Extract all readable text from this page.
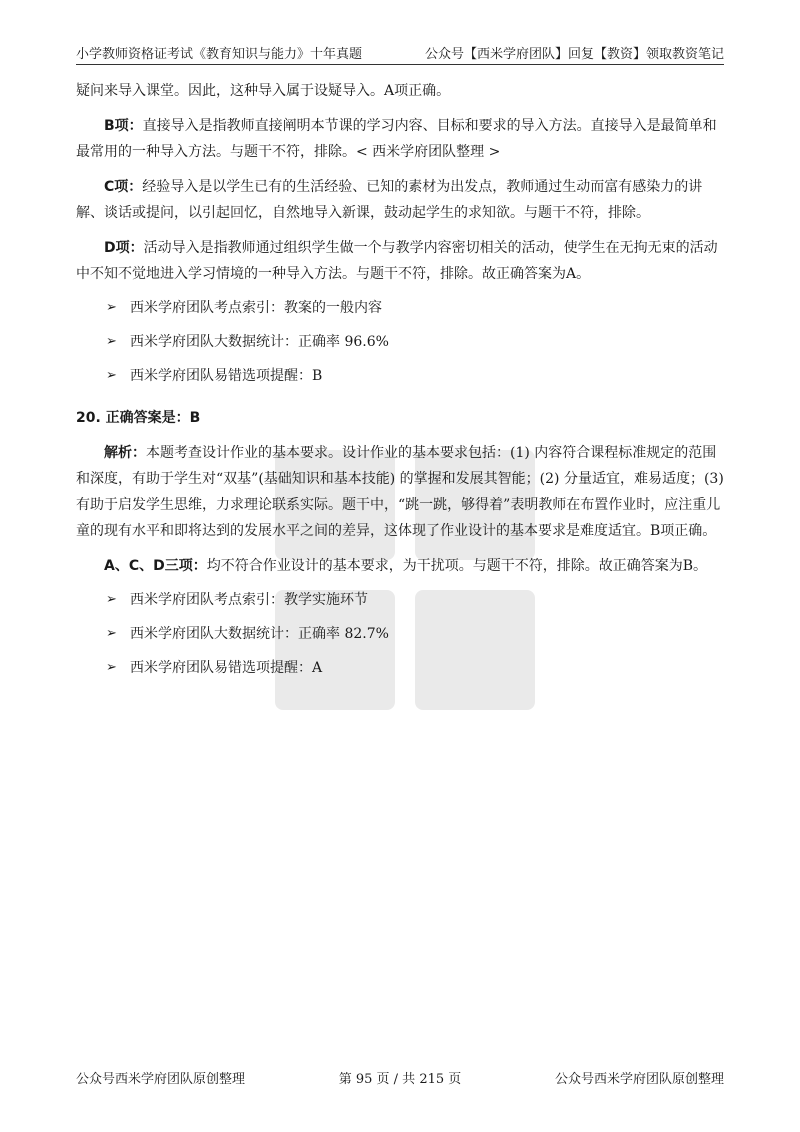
小学教师资格证考试《教育知识与能力》十年真题	公众号【西米学府团队】回复【教资】领取教资笔记

疑问来导入课堂。因此，这种导入属于设疑导入。A项正确。

B项：直接导入是指教师直接阐明本节课的学习内容、目标和要求的导入方法。直接导入是最简单和最常用的一种导入方法。与题干不符，排除。< 西米学府团队整理 >

C项：经验导入是以学生已有的生活经验、已知的素材为出发点，教师通过生动而富有感染力的讲解、谈话或提问，以引起回忆，自然地导入新课，鼓动起学生的求知欲。与题干不符，排除。

D项：活动导入是指教师通过组织学生做一个与教学内容密切相关的活动，使学生在无拘无束的活动中不知不觉地进入学习情境的一种导入方法。与题干不符，排除。故正确答案为A。

➢ 西米学府团队考点索引：教案的一般内容
➢ 西米学府团队大数据统计：正确率 96.6%
➢ 西米学府团队易错选项提醒：B

20. 正确答案是：B

解析：本题考查设计作业的基本要求。设计作业的基本要求包括：(1) 内容符合课程标准规定的范围和深度，有助于学生对“双基”(基础知识和基本技能) 的掌握和发展其智能；(2) 分量适宜，难易适度；(3) 有助于启发学生思维，力求理论联系实际。题干中，“跳一跳，够得着”表明教师在布置作业时，应注重儿童的现有水平和即将达到的发展水平之间的差异，这体现了作业设计的基本要求是难度适宜。B项正确。

A、C、D三项：均不符合作业设计的基本要求，为干扰项。与题干不符，排除。故正确答案为B。

➢ 西米学府团队考点索引：教学实施环节
➢ 西米学府团队大数据统计：正确率 82.7%
➢ 西米学府团队易错选项提醒：A
公众号西米学府团队原创整理	第 95 页 / 共 215 页	公众号西米学府团队原创整理
